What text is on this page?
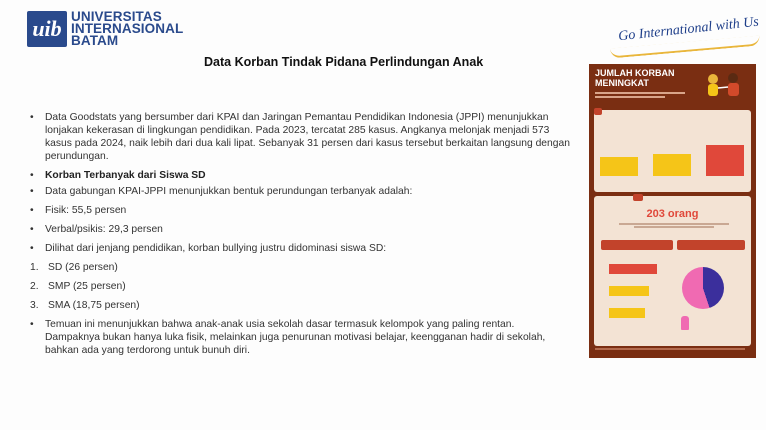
uib UNIVERSITAS
INTERNASIONAL
BATAM	Go International with Us
Data Korban Tindak Pidana Perlindungan Anak
•	Data Goodstats yang bersumber dari KPAI dan Jaringan Pemantau Pendidikan Indonesia (JPPI) menunjukkan lonjakan kekerasan di lingkungan pendidikan. Pada 2023, tercatat 285 kasus. Angkanya melonjak menjadi 573 kasus pada 2024, naik lebih dari dua kali lipat. Sebanyak 31 persen dari kasus tersebut berkaitan langsung dengan perundungan.
•	Korban Terbanyak dari Siswa SD
•	Data gabungan KPAI-JPPI menunjukkan bentuk perundungan terbanyak adalah:
•	Fisik: 55,5 persen
•	Verbal/psikis: 29,3 persen
•	Dilihat dari jenjang pendidikan, korban bullying justru didominasi siswa SD:
1. SD (26 persen)
2. SMP (25 persen)
3. SMA (18,75 persen)
•	Temuan ini menunjukkan bahwa anak-anak usia sekolah dasar termasuk kelompok yang paling rentan. Dampaknya bukan hanya luka fisik, melainkan juga penurunan motivasi belajar, keengganan hadir di sekolah, bahkan ada yang terdorong untuk bunuh diri.
JUMLAH KORBAN
MENINGKAT
203 orang
